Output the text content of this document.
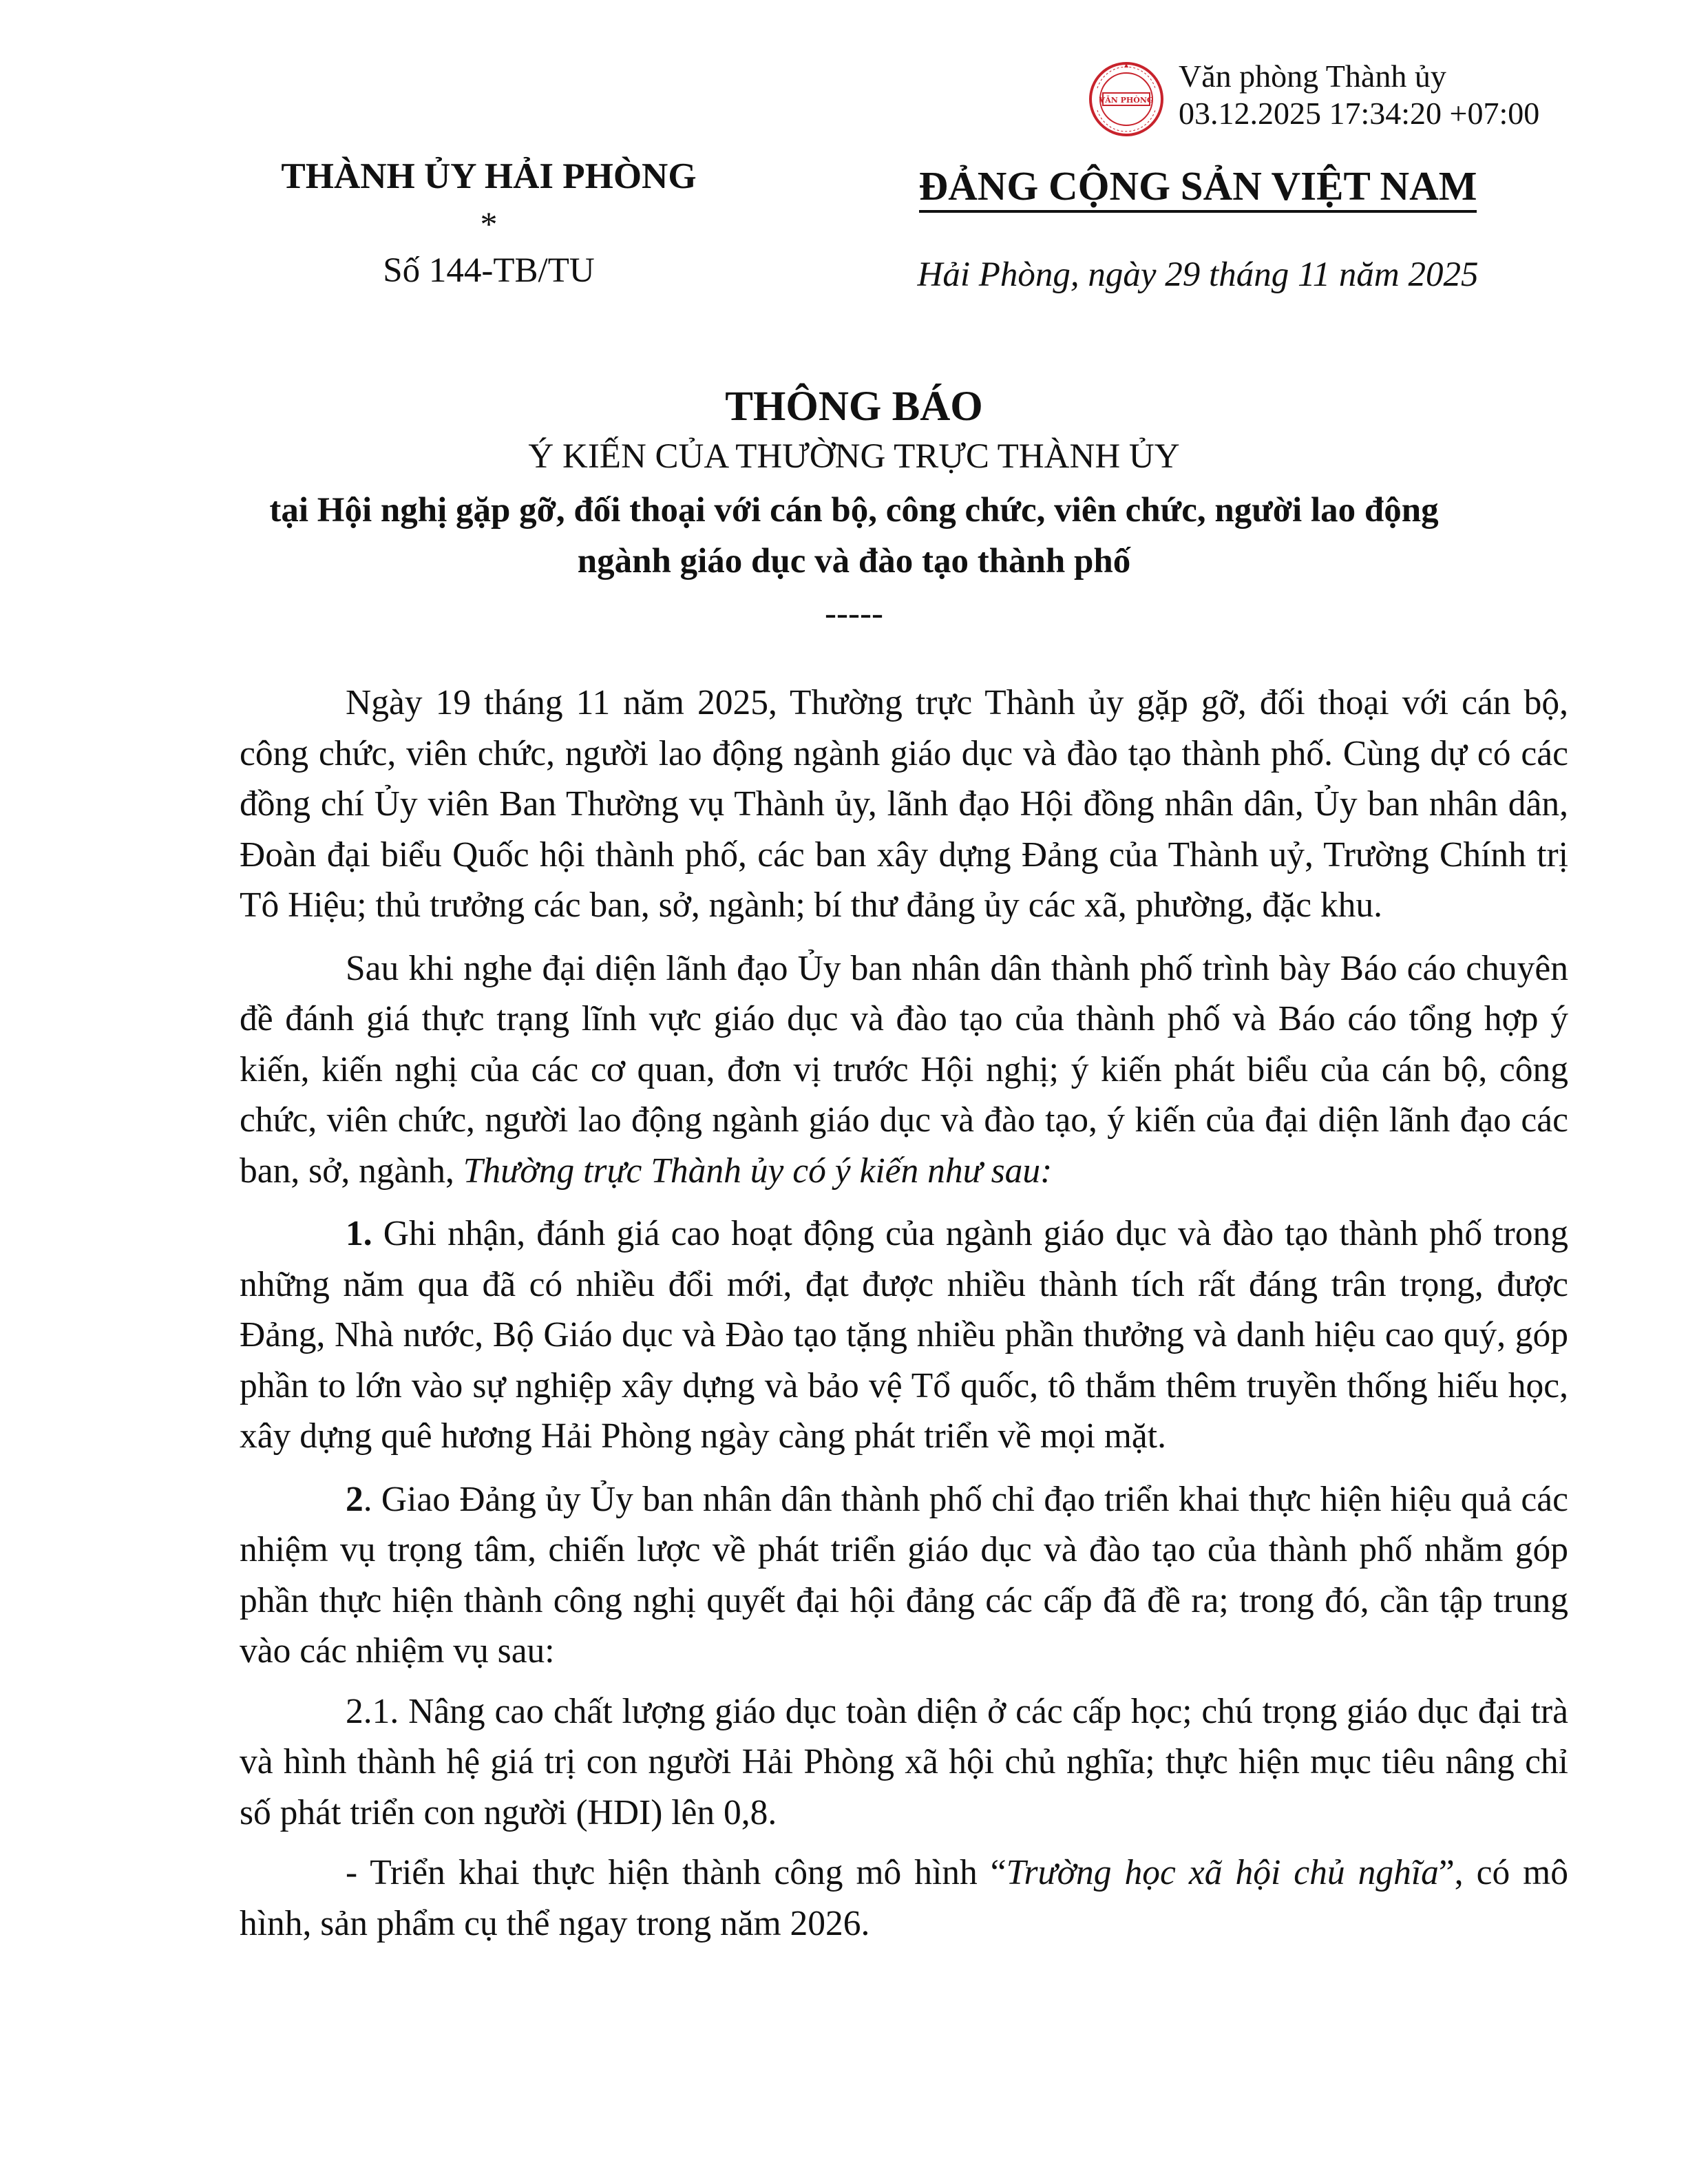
VĂN PHÒNG
Văn phòng Thành ủy
03.12.2025 17:34:20 +07:00
THÀNH ỦY HẢI PHÒNG
*
Số 144-TB/TU
ĐẢNG CỘNG SẢN VIỆT NAM
Hải Phòng, ngày 29 tháng 11 năm 2025
THÔNG BÁO
Ý KIẾN CỦA THƯỜNG TRỰC THÀNH ỦY
tại Hội nghị gặp gỡ, đối thoại với cán bộ, công chức, viên chức, người lao động
ngành giáo dục và đào tạo thành phố
-----

Ngày 19 tháng 11 năm 2025, Thường trực Thành ủy gặp gỡ, đối thoại với cán bộ, công chức, viên chức, người lao động ngành giáo dục và đào tạo thành phố. Cùng dự có các đồng chí Ủy viên Ban Thường vụ Thành ủy, lãnh đạo Hội đồng nhân dân, Ủy ban nhân dân, Đoàn đại biểu Quốc hội thành phố, các ban xây dựng Đảng của Thành uỷ, Trường Chính trị Tô Hiệu; thủ trưởng các ban, sở, ngành; bí thư đảng ủy các xã, phường, đặc khu.

Sau khi nghe đại diện lãnh đạo Ủy ban nhân dân thành phố trình bày Báo cáo chuyên đề đánh giá thực trạng lĩnh vực giáo dục và đào tạo của thành phố và Báo cáo tổng hợp ý kiến, kiến nghị của các cơ quan, đơn vị trước Hội nghị; ý kiến phát biểu của cán bộ, công chức, viên chức, người lao động ngành giáo dục và đào tạo, ý kiến của đại diện lãnh đạo các ban, sở, ngành, Thường trực Thành ủy có ý kiến như sau:

1. Ghi nhận, đánh giá cao hoạt động của ngành giáo dục và đào tạo thành phố trong những năm qua đã có nhiều đổi mới, đạt được nhiều thành tích rất đáng trân trọng, được Đảng, Nhà nước, Bộ Giáo dục và Đào tạo tặng nhiều phần thưởng và danh hiệu cao quý, góp phần to lớn vào sự nghiệp xây dựng và bảo vệ Tổ quốc, tô thắm thêm truyền thống hiếu học, xây dựng quê hương Hải Phòng ngày càng phát triển về mọi mặt.

2. Giao Đảng ủy Ủy ban nhân dân thành phố chỉ đạo triển khai thực hiện hiệu quả các nhiệm vụ trọng tâm, chiến lược về phát triển giáo dục và đào tạo của thành phố nhằm góp phần thực hiện thành công nghị quyết đại hội đảng các cấp đã đề ra; trong đó, cần tập trung vào các nhiệm vụ sau:

2.1. Nâng cao chất lượng giáo dục toàn diện ở các cấp học; chú trọng giáo dục đại trà và hình thành hệ giá trị con người Hải Phòng xã hội chủ nghĩa; thực hiện mục tiêu nâng chỉ số phát triển con người (HDI) lên 0,8.

- Triển khai thực hiện thành công mô hình “Trường học xã hội chủ nghĩa”, có mô hình, sản phẩm cụ thể ngay trong năm 2026.
